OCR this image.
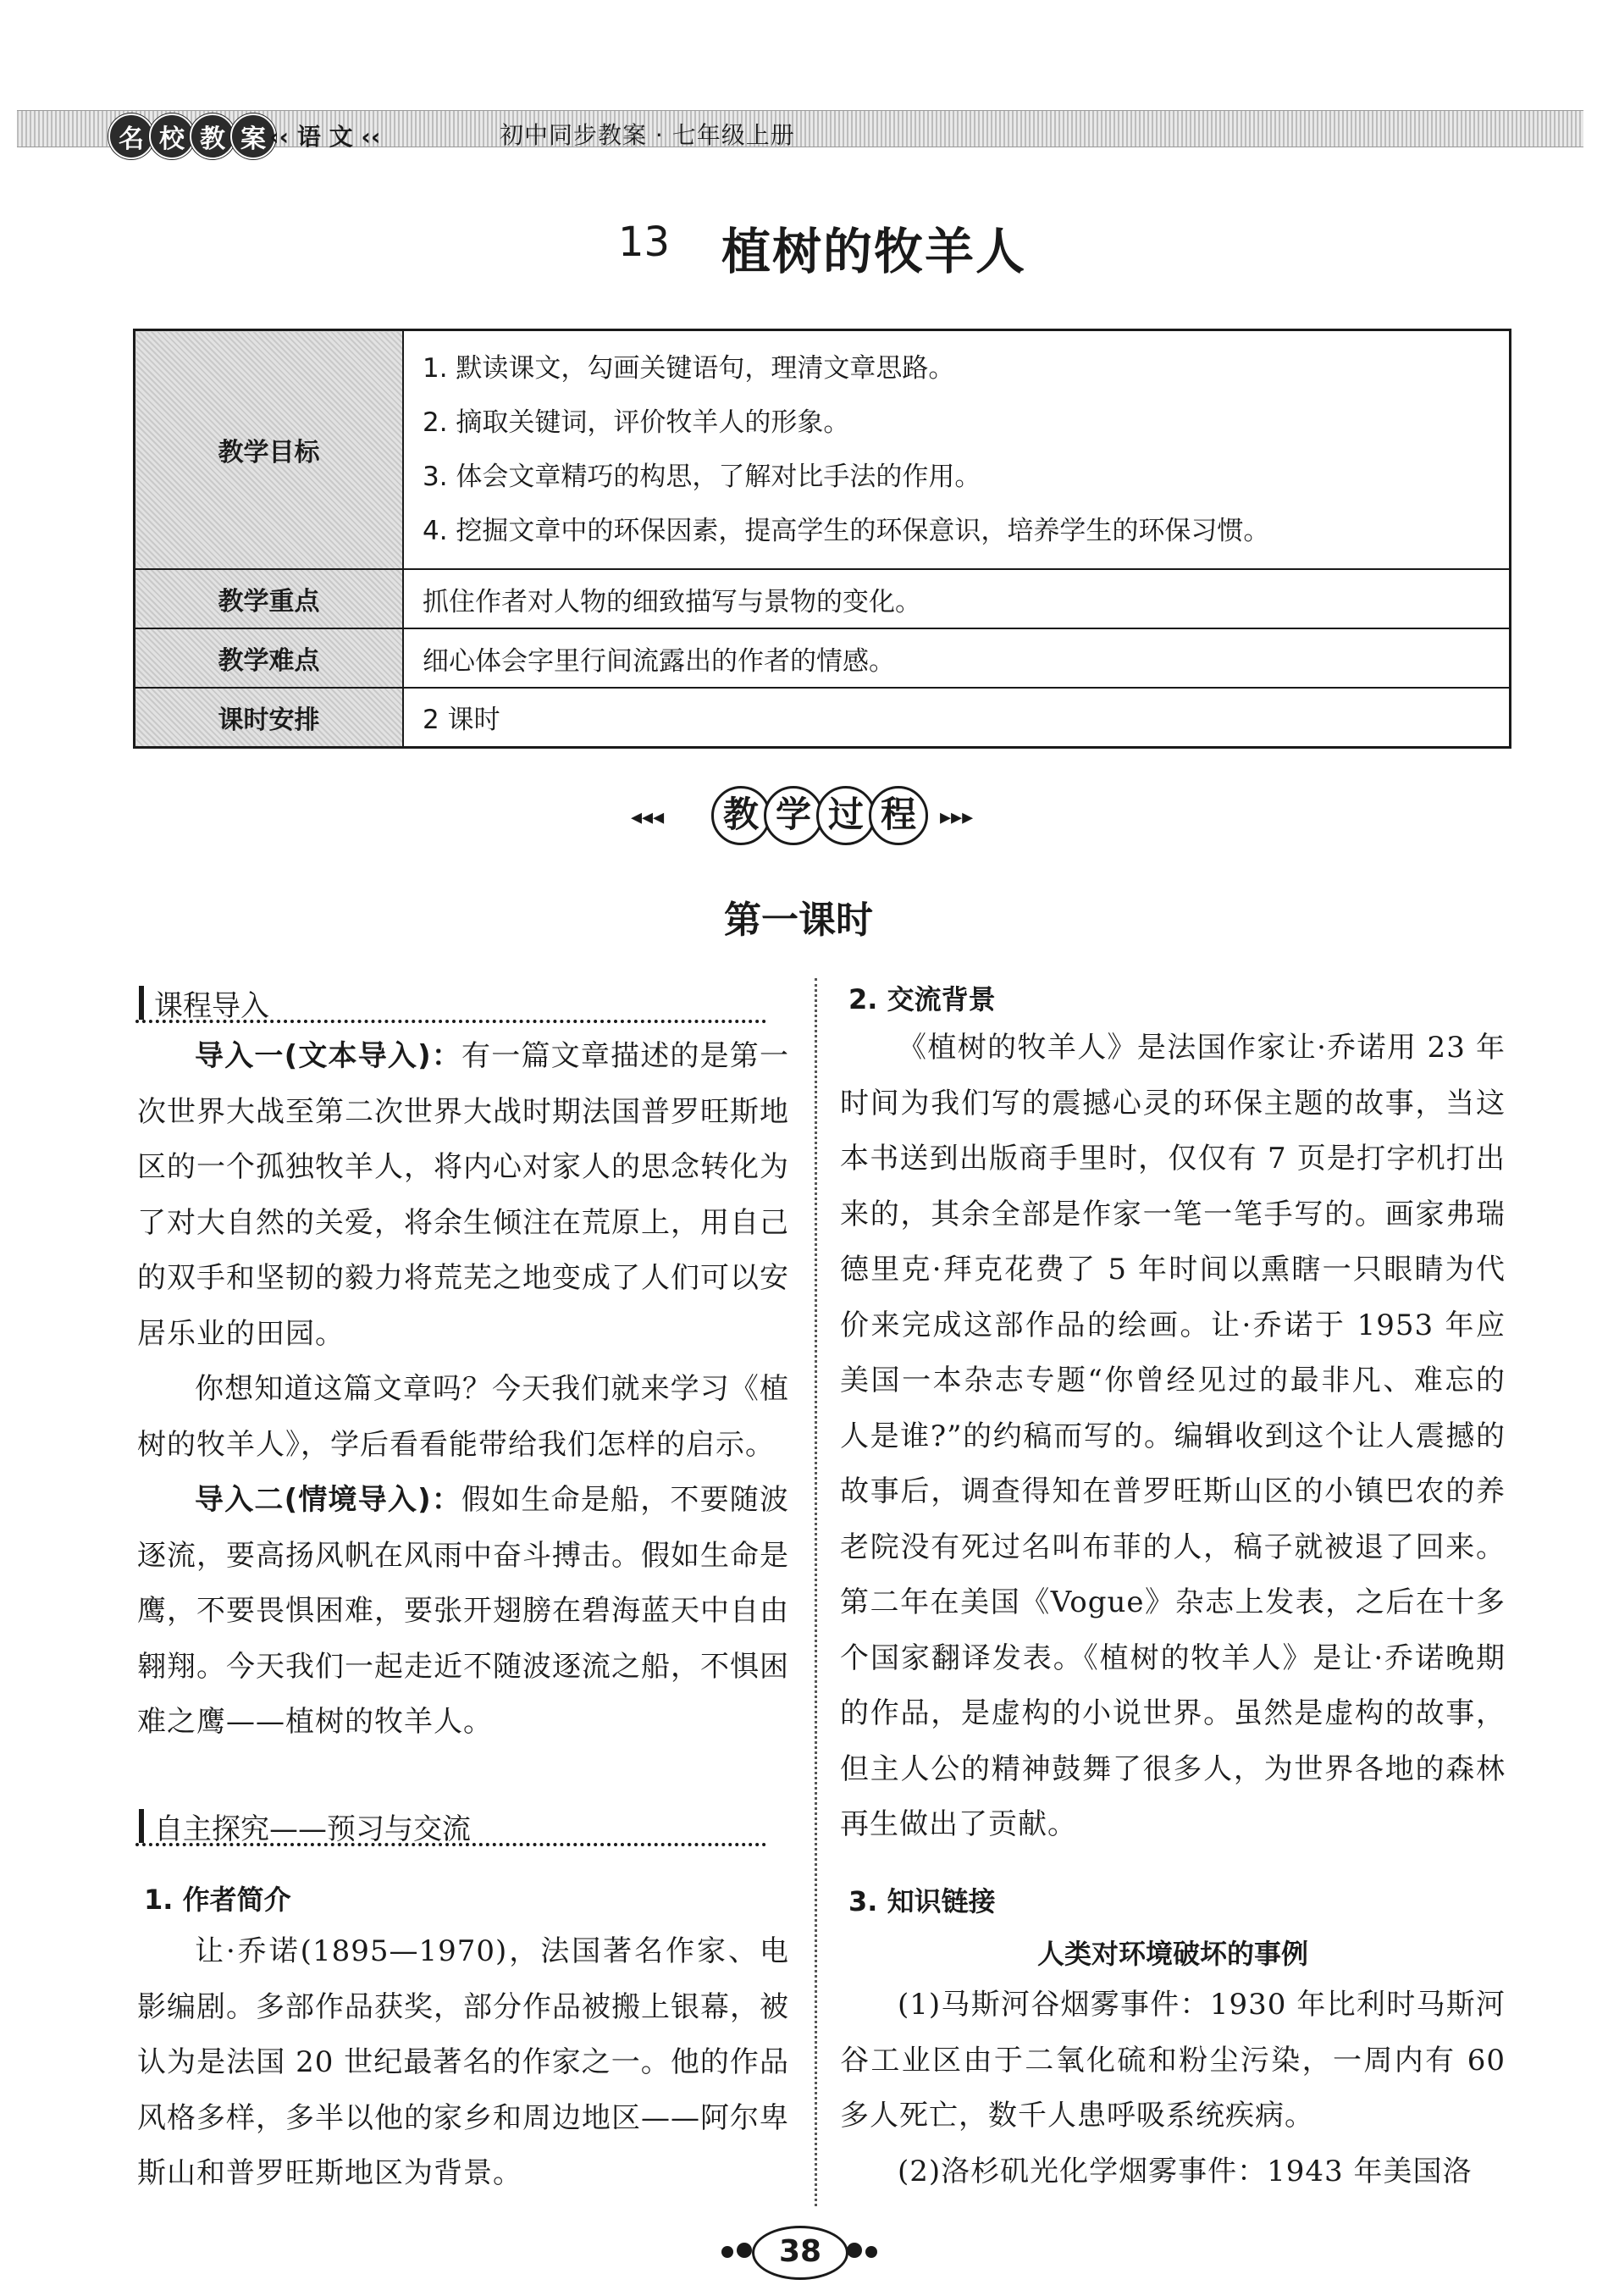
名 校 教 案 ‹‹ 语 文 ‹‹	初中同步教案 · 七年级上册
13 植树的牧羊人
教学目标	1. 默读课文，勾画关键语句，理清文章思路。
2. 摘取关键词，评价牧羊人的形象。
3. 体会文章精巧的构思，了解对比手法的作用。
4. 挖掘文章中的环保因素，提高学生的环保意识，培养学生的环保习惯。

教学重点	抓住作者对人物的细致描写与景物的变化。
教学难点	细心体会字里行间流露出的作者的情感。
课时安排	2 课时
◂◂◂	教 学 过 程 ▸▸▸
第一课时
课程导入

导入一(文本导入)：有一篇文章描述的是第一次世界大战至第二次世界大战时期法国普罗旺斯地区的一个孤独牧羊人，将内心对家人的思念转化为了对大自然的关爱，将余生倾注在荒原上，用自己的双手和坚韧的毅力将荒芜之地变成了人们可以安居乐业的田园。

你想知道这篇文章吗？今天我们就来学习《植树的牧羊人》，学后看看能带给我们怎样的启示。

导入二(情境导入)：假如生命是船，不要随波逐流，要高扬风帆在风雨中奋斗搏击。假如生命是鹰，不要畏惧困难，要张开翅膀在碧海蓝天中自由翱翔。今天我们一起走近不随波逐流之船，不惧困难之鹰——植树的牧羊人。

自主探究——预习与交流
1. 作者简介

让·乔诺(1895—1970)，法国著名作家、电影编剧。多部作品获奖，部分作品被搬上银幕，被认为是法国 20 世纪最著名的作家之一。他的作品风格多样，多半以他的家乡和周边地区——阿尔卑斯山和普罗旺斯地区为背景。

2. 交流背景

《植树的牧羊人》是法国作家让·乔诺用 23 年时间为我们写的震撼心灵的环保主题的故事，当这本书送到出版商手里时，仅仅有 7 页是打字机打出来的，其余全部是作家一笔一笔手写的。画家弗瑞德里克·拜克花费了 5 年时间以熏瞎一只眼睛为代价来完成这部作品的绘画。让·乔诺于 1953 年应美国一本杂志专题“你曾经见过的最非凡、难忘的人是谁?”的约稿而写的。编辑收到这个让人震撼的故事后，调查得知在普罗旺斯山区的小镇巴农的养老院没有死过名叫布菲的人，稿子就被退了回来。第二年在美国《Vogue》杂志上发表，之后在十多个国家翻译发表。《植树的牧羊人》是让·乔诺晚期的作品，是虚构的小说世界。虽然是虚构的故事，但主人公的精神鼓舞了很多人，为世界各地的森林再生做出了贡献。

3. 知识链接
人类对环境破坏的事例

(1)马斯河谷烟雾事件：1930 年比利时马斯河谷工业区由于二氧化硫和粉尘污染，一周内有 60 多人死亡，数千人患呼吸系统疾病。

(2)洛杉矶光化学烟雾事件：1943 年美国洛

38
